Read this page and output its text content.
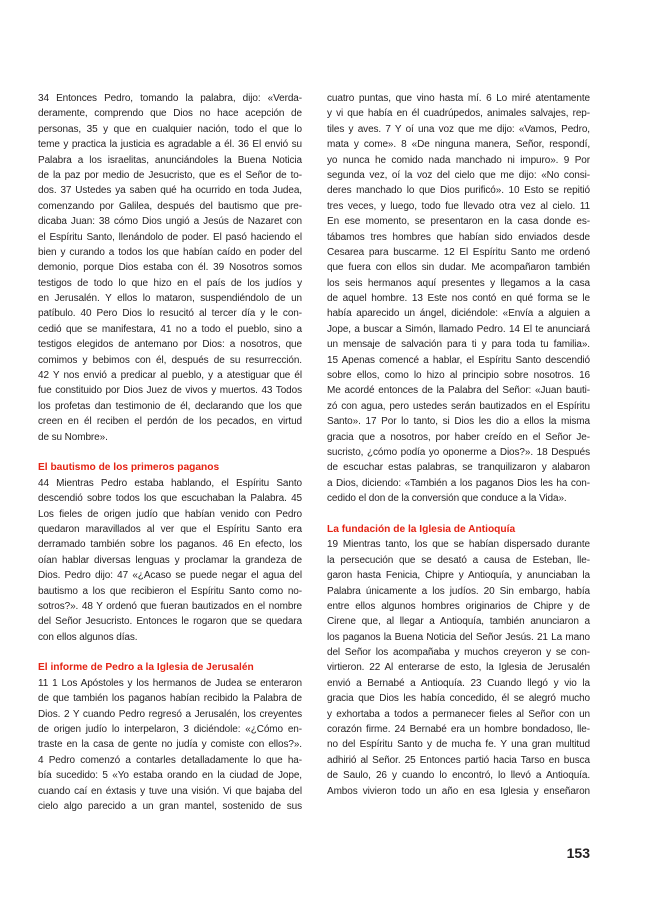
34 Entonces Pedro, tomando la palabra, dijo: «Verda-
deramente, comprendo que Dios no hace acepción de
personas, 35 y que en cualquier nación, todo el que lo
teme y practica la justicia es agradable a él. 36 El envió su
Palabra a los israelitas, anunciándoles la Buena Noticia
de la paz por medio de Jesucristo, que es el Señor de to-
dos. 37 Ustedes ya saben qué ha ocurrido en toda Judea,
comenzando por Galilea, después del bautismo que pre-
dicaba Juan: 38 cómo Dios ungió a Jesús de Nazaret con
el Espíritu Santo, llenándolo de poder. El pasó haciendo el
bien y curando a todos los que habían caído en poder del
demonio, porque Dios estaba con él. 39 Nosotros somos
testigos de todo lo que hizo en el país de los judíos y
en Jerusalén. Y ellos lo mataron, suspendiéndolo de un
patíbulo. 40 Pero Dios lo resucitó al tercer día y le con-
cedió que se manifestara, 41 no a todo el pueblo, sino a
testigos elegidos de antemano por Dios: a nosotros, que
comimos y bebimos con él, después de su resurrección.
42 Y nos envió a predicar al pueblo, y a atestiguar que él
fue constituido por Dios Juez de vivos y muertos. 43 Todos
los profetas dan testimonio de él, declarando que los que
creen en él reciben el perdón de los pecados, en virtud
de su Nombre».
El bautismo de los primeros paganos
44 Mientras Pedro estaba hablando, el Espíritu Santo
descendió sobre todos los que escuchaban la Palabra. 45
Los fieles de origen judío que habían venido con Pedro
quedaron maravillados al ver que el Espíritu Santo era
derramado también sobre los paganos. 46 En efecto, los
oían hablar diversas lenguas y proclamar la grandeza de
Dios. Pedro dijo: 47 «¿Acaso se puede negar el agua del
bautismo a los que recibieron el Espíritu Santo como no-
sotros?». 48 Y ordenó que fueran bautizados en el nombre
del Señor Jesucristo. Entonces le rogaron que se quedara
con ellos algunos días.
El informe de Pedro a la Iglesia de Jerusalén
11 1 Los Apóstoles y los hermanos de Judea se enteraron
de que también los paganos habían recibido la Palabra de
Dios. 2 Y cuando Pedro regresó a Jerusalén, los creyentes
de origen judío lo interpelaron, 3 diciéndole: «¿Cómo en-
traste en la casa de gente no judía y comiste con ellos?».
4 Pedro comenzó a contarles detalladamente lo que ha-
bía sucedido: 5 «Yo estaba orando en la ciudad de Jope,
cuando caí en éxtasis y tuve una visión. Vi que bajaba del
cielo algo parecido a un gran mantel, sostenido de sus
cuatro puntas, que vino hasta mí. 6 Lo miré atentamente
y vi que había en él cuadrúpedos, animales salvajes, rep-
tiles y aves. 7 Y oí una voz que me dijo: «Vamos, Pedro,
mata y come». 8 «De ninguna manera, Señor, respondí,
yo nunca he comido nada manchado ni impuro». 9 Por
segunda vez, oí la voz del cielo que me dijo: «No consi-
deres manchado lo que Dios purificó». 10 Esto se repitió
tres veces, y luego, todo fue llevado otra vez al cielo. 11
En ese momento, se presentaron en la casa donde es-
tábamos tres hombres que habían sido enviados desde
Cesarea para buscarme. 12 El Espíritu Santo me ordenó
que fuera con ellos sin dudar. Me acompañaron también
los seis hermanos aquí presentes y llegamos a la casa
de aquel hombre. 13 Este nos contó en qué forma se le
había aparecido un ángel, diciéndole: «Envía a alguien a
Jope, a buscar a Simón, llamado Pedro. 14 El te anunciará
un mensaje de salvación para ti y para toda tu familia».
15 Apenas comencé a hablar, el Espíritu Santo descendió
sobre ellos, como lo hizo al principio sobre nosotros. 16
Me acordé entonces de la Palabra del Señor: «Juan bauti-
zó con agua, pero ustedes serán bautizados en el Espíritu
Santo». 17 Por lo tanto, si Dios les dio a ellos la misma
gracia que a nosotros, por haber creído en el Señor Je-
sucristo, ¿cómo podía yo oponerme a Dios?». 18 Después
de escuchar estas palabras, se tranquilizaron y alabaron
a Dios, diciendo: «También a los paganos Dios les ha con-
cedido el don de la conversión que conduce a la Vida».
La fundación de la Iglesia de Antioquía
19 Mientras tanto, los que se habían dispersado durante
la persecución que se desató a causa de Esteban, lle-
garon hasta Fenicia, Chipre y Antioquía, y anunciaban la
Palabra únicamente a los judíos. 20 Sin embargo, había
entre ellos algunos hombres originarios de Chipre y de
Cirene que, al llegar a Antioquía, también anunciaron a
los paganos la Buena Noticia del Señor Jesús. 21 La mano
del Señor los acompañaba y muchos creyeron y se con-
virtieron. 22 Al enterarse de esto, la Iglesia de Jerusalén
envió a Bernabé a Antioquía. 23 Cuando llegó y vio la
gracia que Dios les había concedido, él se alegró mucho
y exhortaba a todos a permanecer fieles al Señor con un
corazón firme. 24 Bernabé era un hombre bondadoso, lle-
no del Espíritu Santo y de mucha fe. Y una gran multitud
adhirió al Señor. 25 Entonces partió hacia Tarso en busca
de Saulo, 26 y cuando lo encontró, lo llevó a Antioquía.
Ambos vivieron todo un año en esa Iglesia y enseñaron
153
